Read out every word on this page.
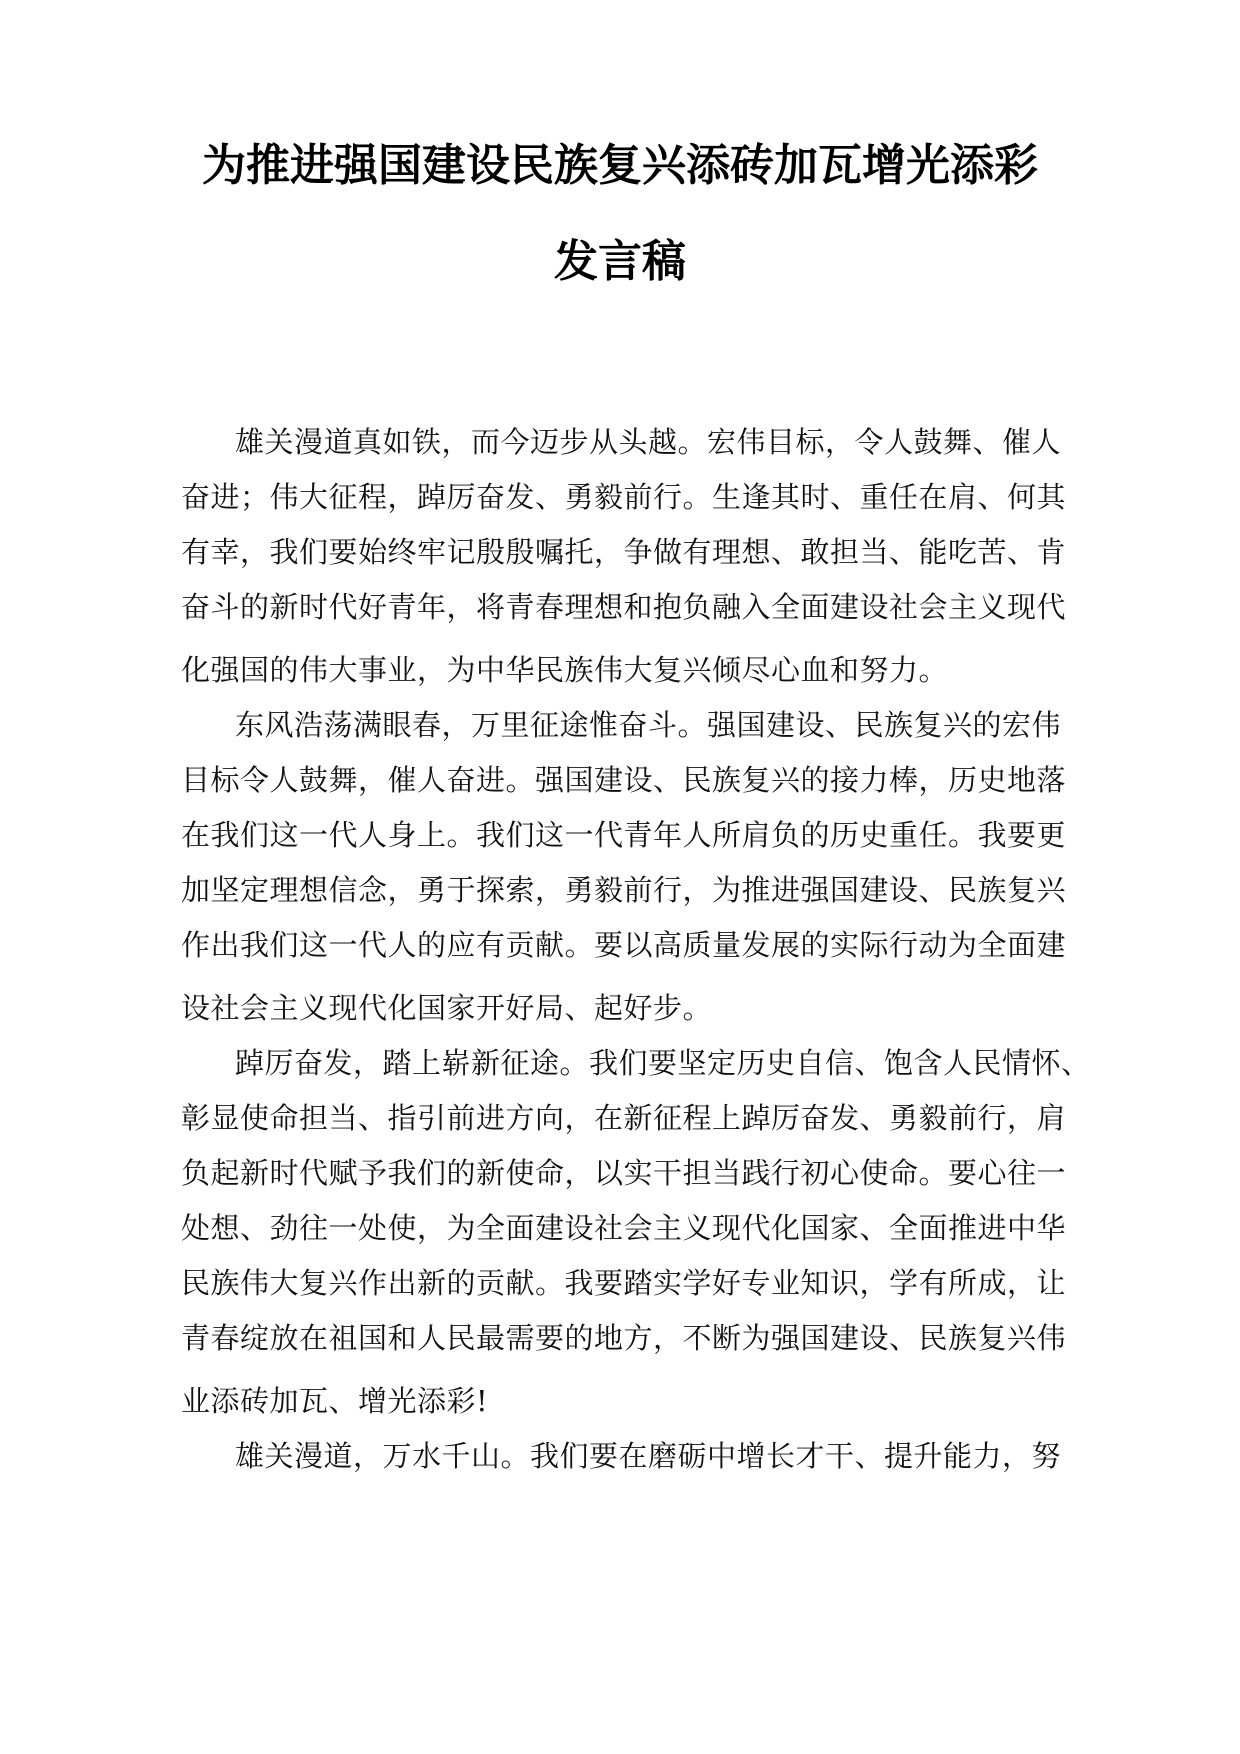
为推进强国建设民族复兴添砖加瓦增光添彩
发言稿
雄关漫道真如铁，而今迈步从头越。宏伟目标，令人鼓舞、催人
奋进；伟大征程，踔厉奋发、勇毅前行。生逢其时、重任在肩、何其
有幸，我们要始终牢记殷殷嘱托，争做有理想、敢担当、能吃苦、肯
奋斗的新时代好青年，将青春理想和抱负融入全面建设社会主义现代
化强国的伟大事业，为中华民族伟大复兴倾尽心血和努力。
东风浩荡满眼春，万里征途惟奋斗。强国建设、民族复兴的宏伟
目标令人鼓舞，催人奋进。强国建设、民族复兴的接力棒，历史地落
在我们这一代人身上。我们这一代青年人所肩负的历史重任。我要更
加坚定理想信念，勇于探索，勇毅前行，为推进强国建设、民族复兴
作出我们这一代人的应有贡献。要以高质量发展的实际行动为全面建
设社会主义现代化国家开好局、起好步。
踔厉奋发，踏上崭新征途。我们要坚定历史自信、饱含人民情怀、
彰显使命担当、指引前进方向，在新征程上踔厉奋发、勇毅前行，肩
负起新时代赋予我们的新使命，以实干担当践行初心使命。要心往一
处想、劲往一处使，为全面建设社会主义现代化国家、全面推进中华
民族伟大复兴作出新的贡献。我要踏实学好专业知识，学有所成，让
青春绽放在祖国和人民最需要的地方，不断为强国建设、民族复兴伟
业添砖加瓦、增光添彩!
雄关漫道，万水千山。我们要在磨砺中增长才干、提升能力，努
